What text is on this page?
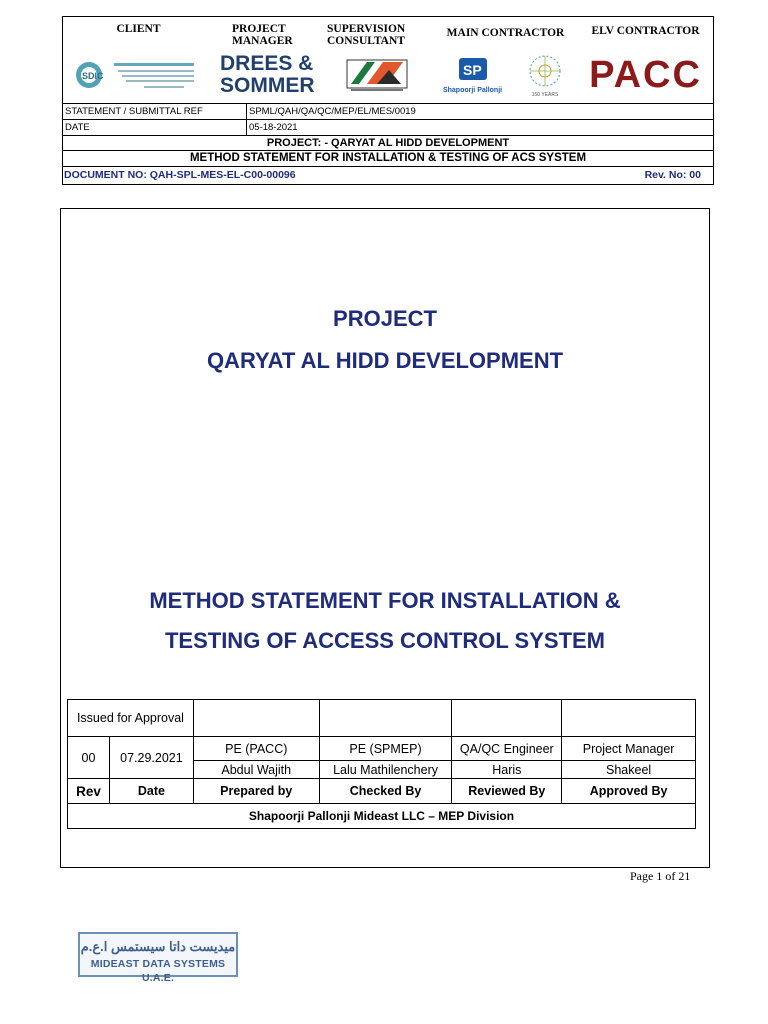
CLIENT
SDIC
PROJECT MANAGER
DREES &
SOMMER
SUPERVISION CONSULTANT
MAIN CONTRACTOR
SP
Shapoorji Pallonji
150 YEARS
ELV CONTRACTOR
PACC
STATEMENT / SUBMITTAL REF	SPML/QAH/QA/QC/MEP/EL/MES/0019
DATE	05-18-2021
PROJECT: - QARYAT AL HIDD DEVELOPMENT
METHOD STATEMENT FOR INSTALLATION & TESTING OF ACS SYSTEM
DOCUMENT NO: QAH-SPL-MES-EL-C00-00096	Rev. No: 00
PROJECT
QARYAT AL HIDD DEVELOPMENT
METHOD STATEMENT FOR INSTALLATION &
TESTING OF ACCESS CONTROL SYSTEM
Issued for Approval					
00	07.29.2021	PE (PACC)	PE (SPMEP)	QA/QC Engineer	Project Manager
		Abdul Wajith	Lalu Mathilenchery	Haris	Shakeel
Rev	Date	Prepared by	Checked By	Reviewed By	Approved By
Shapoorji Pallonji Mideast LLC – MEP Division					
Page 1 of 21
ميديست داتا سيستمس ا.ع.م
MIDEAST DATA SYSTEMS U.A.E.
